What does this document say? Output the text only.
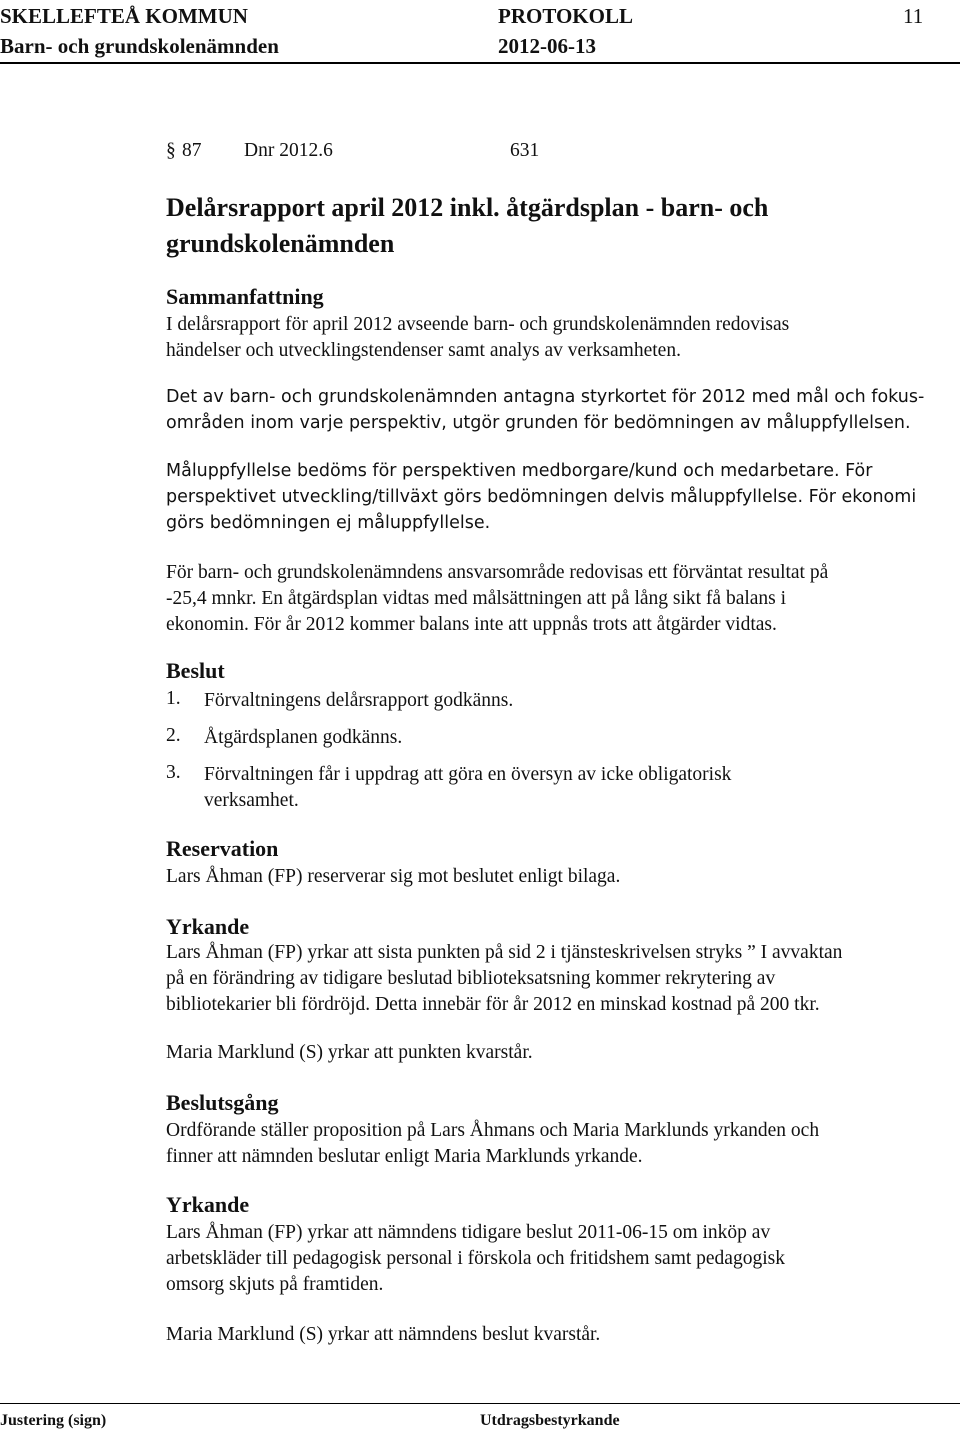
SKELLEFTEÅ KOMMUN
Barn- och grundskolenämnden
PROTOKOLL
2012-06-13
11
§ 87 Dnr 2012.6	631
Delårsrapport april 2012 inkl. åtgärdsplan - barn- och
grundskolenämnden
Sammanfattning

I delårsrapport för april 2012 avseende barn- och grundskolenämnden redovisas

händelser och utvecklingstendenser samt analys av verksamheten.

Det av barn- och grundskolenämnden antagna styrkortet för 2012 med mål och fokus-

områden inom varje perspektiv, utgör grunden för bedömningen av måluppfyllelsen.

Måluppfyllelse bedöms för perspektiven medborgare/kund och medarbetare. För

perspektivet utveckling/tillväxt görs bedömningen delvis måluppfyllelse. För ekonomi

görs bedömningen ej måluppfyllelse.

För barn- och grundskolenämndens ansvarsområde redovisas ett förväntat resultat på

-25,4 mnkr. En åtgärdsplan vidtas med målsättningen att på lång sikt få balans i

ekonomin. För år 2012 kommer balans inte att uppnås trots att åtgärder vidtas.

Beslut
1. Förvaltningens delårsrapport godkänns.
2. Åtgärdsplanen godkänns.
3. Förvaltningen får i uppdrag att göra en översyn av icke obligatorisk
verksamhet.
Reservation
Lars Åhman (FP) reserverar sig mot beslutet enligt bilaga.
Yrkande

Lars Åhman (FP) yrkar att sista punkten på sid 2 i tjänsteskrivelsen stryks ” I avvaktan

på en förändring av tidigare beslutad biblioteksatsning kommer rekrytering av

bibliotekarier bli fördröjd. Detta innebär för år 2012 en minskad kostnad på 200 tkr.

Maria Marklund (S) yrkar att punkten kvarstår.
Beslutsgång

Ordförande ställer proposition på Lars Åhmans och Maria Marklunds yrkanden och

finner att nämnden beslutar enligt Maria Marklunds yrkande.

Yrkande

Lars Åhman (FP) yrkar att nämndens tidigare beslut 2011-06-15 om inköp av

arbetskläder till pedagogisk personal i förskola och fritidshem samt pedagogisk

omsorg skjuts på framtiden.

Maria Marklund (S) yrkar att nämndens beslut kvarstår.
Justering (sign)	Utdragsbestyrkande
